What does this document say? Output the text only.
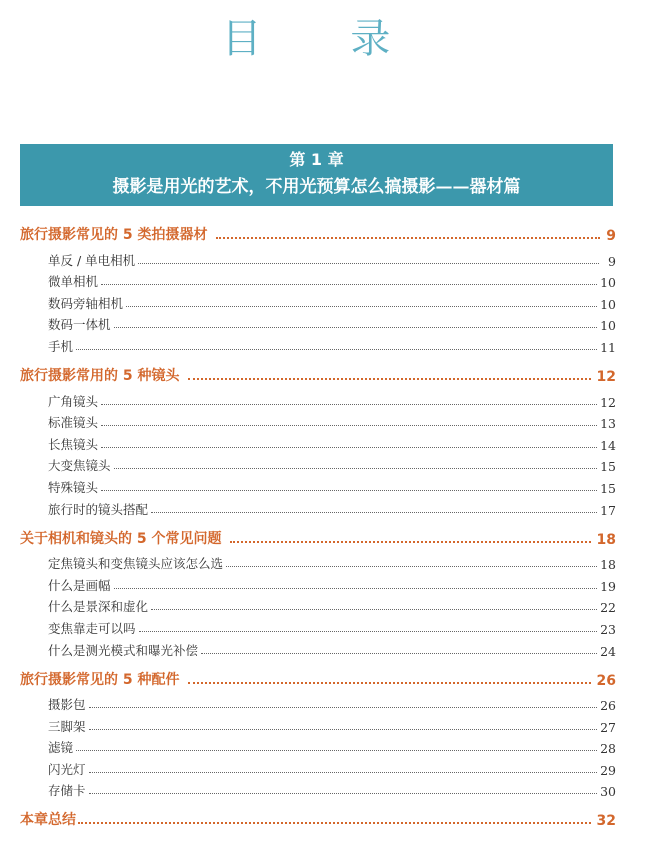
目 录
第 1 章
摄影是用光的艺术，不用光预算怎么搞摄影——器材篇
旅行摄影常见的 5 类拍摄器材	9
单反 / 单电相机	9
微单相机	10
数码旁轴相机	10
数码一体机	10
手机	11
旅行摄影常用的 5 种镜头	12
广角镜头	12
标准镜头	13
长焦镜头	14
大变焦镜头	15
特殊镜头	15
旅行时的镜头搭配	17
关于相机和镜头的 5 个常见问题	18
定焦镜头和变焦镜头应该怎么选	18
什么是画幅	19
什么是景深和虚化	22
变焦靠走可以吗	23
什么是测光模式和曝光补偿	24
旅行摄影常见的 5 种配件	26
摄影包	26
三脚架	27
滤镜	28
闪光灯	29
存储卡	30
本章总结	32
